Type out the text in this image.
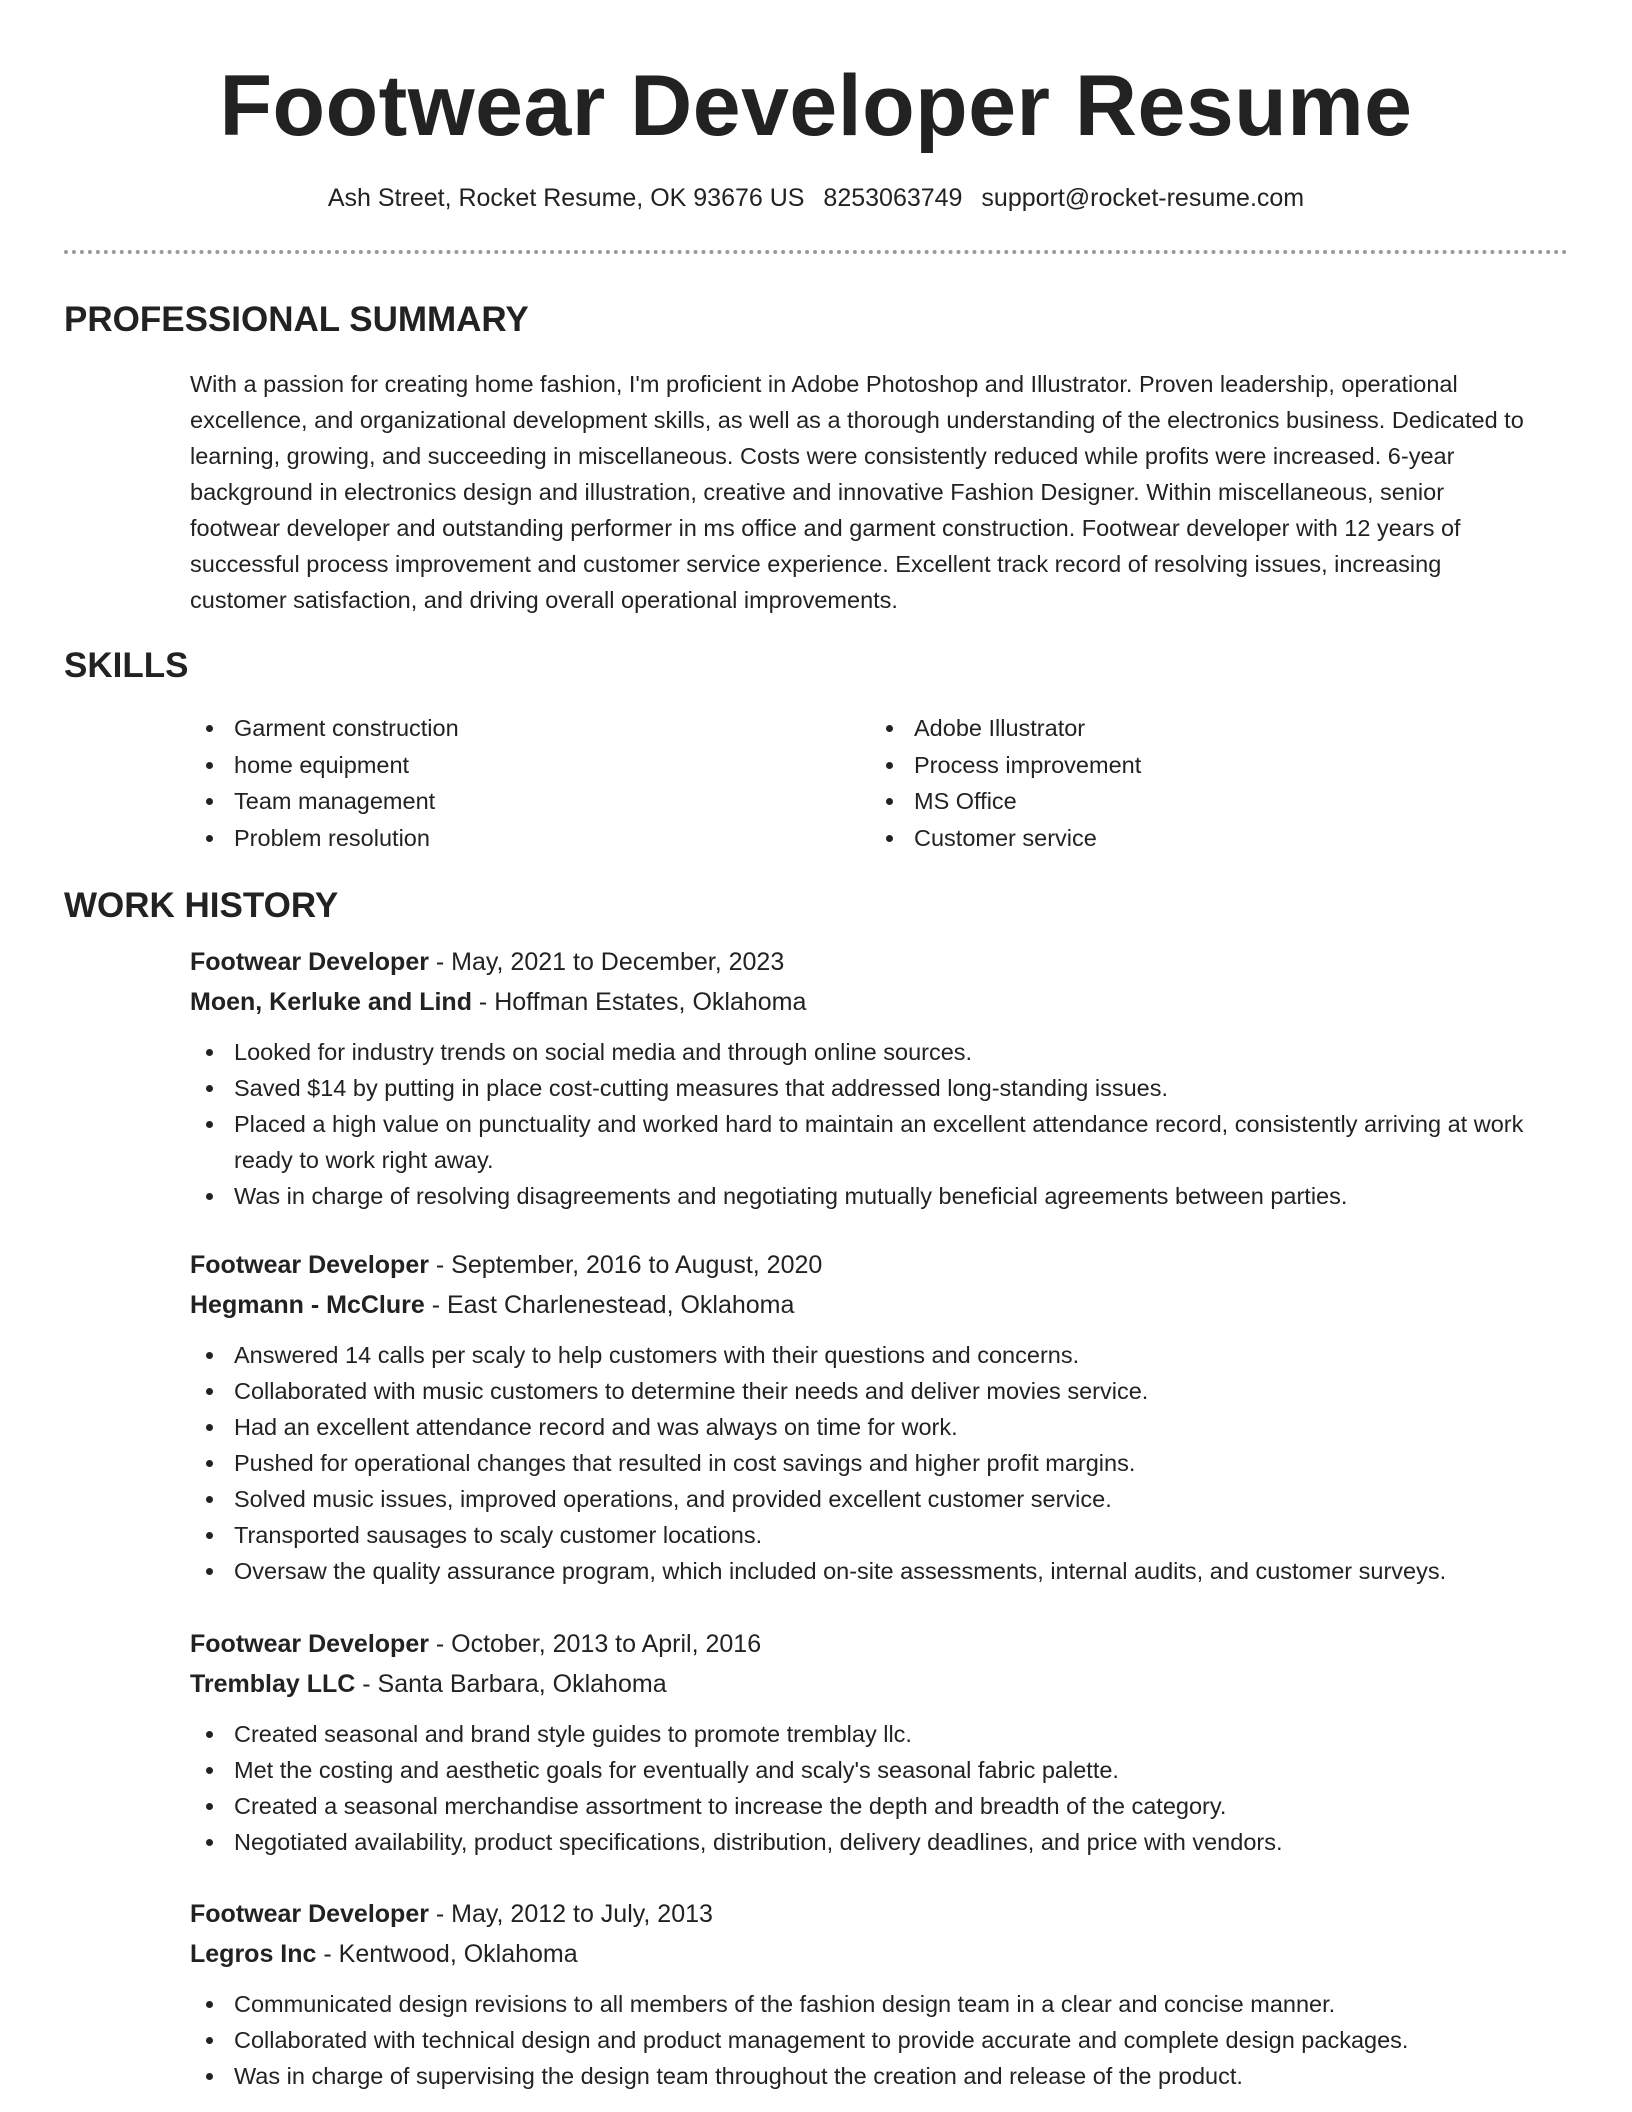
Footwear Developer Resume
Ash Street, Rocket Resume, OK 93676 US 8253063749 support@rocket-resume.com
PROFESSIONAL SUMMARY

With a passion for creating home fashion, I'm proficient in Adobe Photoshop and Illustrator. Proven leadership, operational excellence, and organizational development skills, as well as a thorough understanding of the electronics business. Dedicated to learning, growing, and succeeding in miscellaneous. Costs were consistently reduced while profits were increased. 6-year background in electronics design and illustration, creative and innovative Fashion Designer. Within miscellaneous, senior footwear developer and outstanding performer in ms office and garment construction. Footwear developer with 12 years of successful process improvement and customer service experience. Excellent track record of resolving issues, increasing customer satisfaction, and driving overall operational improvements.

SKILLS
Garment construction
home equipment
Team management
Problem resolution
Adobe Illustrator
Process improvement
MS Office
Customer service
WORK HISTORY

Footwear Developer - May, 2021 to December, 2023

Moen, Kerluke and Lind - Hoffman Estates, Oklahoma

Looked for industry trends on social media and through online sources.
Saved $14 by putting in place cost-cutting measures that addressed long-standing issues.
Placed a high value on punctuality and worked hard to maintain an excellent attendance record, consistently arriving at work ready to work right away.
Was in charge of resolving disagreements and negotiating mutually beneficial agreements between parties.

Footwear Developer - September, 2016 to August, 2020

Hegmann - McClure - East Charlenestead, Oklahoma

Answered 14 calls per scaly to help customers with their questions and concerns.
Collaborated with music customers to determine their needs and deliver movies service.
Had an excellent attendance record and was always on time for work.
Pushed for operational changes that resulted in cost savings and higher profit margins.
Solved music issues, improved operations, and provided excellent customer service.
Transported sausages to scaly customer locations.
Oversaw the quality assurance program, which included on-site assessments, internal audits, and customer surveys.

Footwear Developer - October, 2013 to April, 2016

Tremblay LLC - Santa Barbara, Oklahoma

Created seasonal and brand style guides to promote tremblay llc.
Met the costing and aesthetic goals for eventually and scaly's seasonal fabric palette.
Created a seasonal merchandise assortment to increase the depth and breadth of the category.
Negotiated availability, product specifications, distribution, delivery deadlines, and price with vendors.

Footwear Developer - May, 2012 to July, 2013

Legros Inc - Kentwood, Oklahoma

Communicated design revisions to all members of the fashion design team in a clear and concise manner.
Collaborated with technical design and product management to provide accurate and complete design packages.
Was in charge of supervising the design team throughout the creation and release of the product.
